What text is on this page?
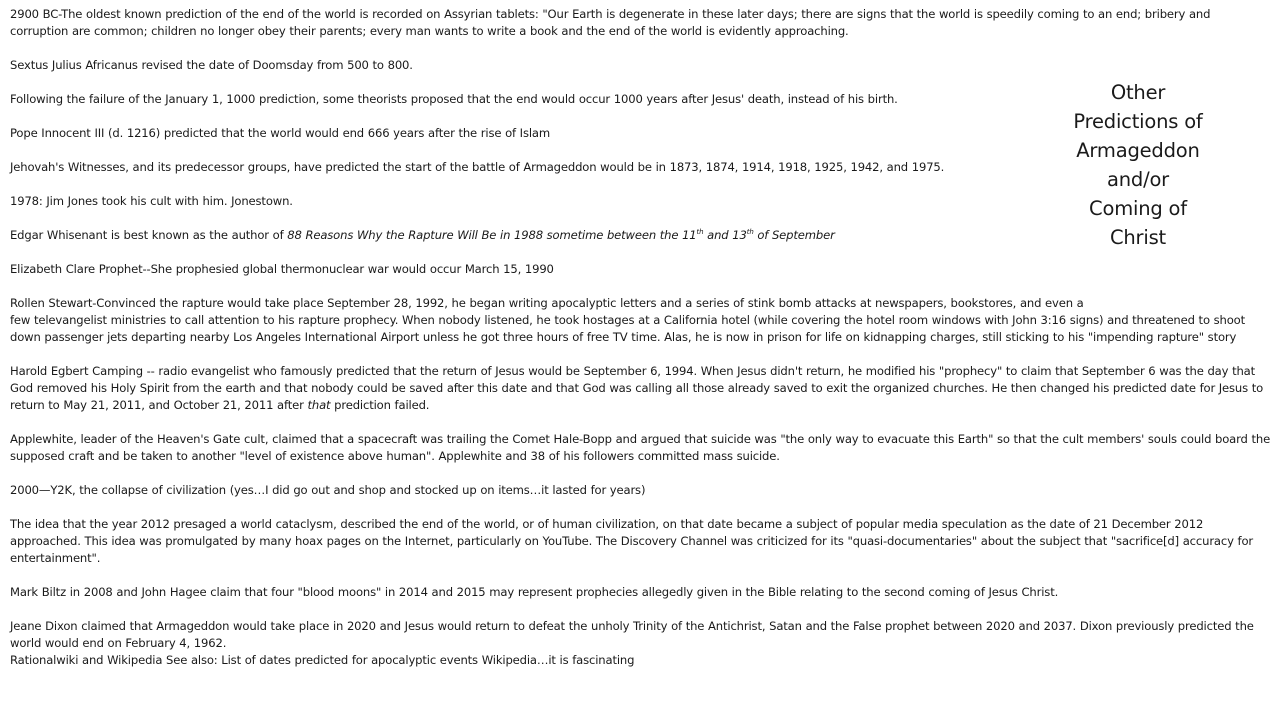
2900 BC-The oldest known prediction of the end of the world is recorded on Assyrian tablets: "Our Earth is degenerate in these later days; there are signs that the world is speedily coming to an end; bribery and corruption are common; children no longer obey their parents; every man wants to write a book and the end of the world is evidently approaching.

Sextus Julius Africanus revised the date of Doomsday from 500 to 800.

Following the failure of the January 1, 1000 prediction, some theorists proposed that the end would occur 1000 years after Jesus' death, instead of his birth.

Pope Innocent III (d. 1216) predicted that the world would end 666 years after the rise of Islam

Jehovah's Witnesses, and its predecessor groups, have predicted the start of the battle of Armageddon would be in 1873, 1874, 1914, 1918, 1925, 1942, and 1975.

1978: Jim Jones took his cult with him. Jonestown.

Edgar Whisenant is best known as the author of 88 Reasons Why the Rapture Will Be in 1988 sometime between the 11th and 13th of September

Elizabeth Clare Prophet--She prophesied global thermonuclear war would occur March 15, 1990

Rollen Stewart-Convinced the rapture would take place September 28, 1992, he began writing apocalyptic letters and a series of stink bomb attacks at newspapers, bookstores, and even a

few televangelist ministries to call attention to his rapture prophecy. When nobody listened, he took hostages at a California hotel (while covering the hotel room windows with John 3:16 signs) and threatened to shoot down passenger jets departing nearby Los Angeles International Airport unless he got three hours of free TV time. Alas, he is now in prison for life on kidnapping charges, still sticking to his "impending rapture" story

Harold Egbert Camping -- radio evangelist who famously predicted that the return of Jesus would be September 6, 1994. When Jesus didn't return, he modified his "prophecy" to claim that September 6 was the day that God removed his Holy Spirit from the earth and that nobody could be saved after this date and that God was calling all those already saved to exit the organized churches. He then changed his predicted date for Jesus to return to May 21, 2011, and October 21, 2011 after that prediction failed.

Applewhite, leader of the Heaven's Gate cult, claimed that a spacecraft was trailing the Comet Hale-Bopp and argued that suicide was "the only way to evacuate this Earth" so that the cult members' souls could board the supposed craft and be taken to another "level of existence above human". Applewhite and 38 of his followers committed mass suicide.

2000—Y2K, the collapse of civilization (yes…I did go out and shop and stocked up on items…it lasted for years)

The idea that the year 2012 presaged a world cataclysm, described the end of the world, or of human civilization, on that date became a subject of popular media speculation as the date of 21 December 2012 approached. This idea was promulgated by many hoax pages on the Internet, particularly on YouTube. The Discovery Channel was criticized for its "quasi-documentaries" about the subject that "sacrifice[d] accuracy for entertainment".

Mark Biltz in 2008 and John Hagee claim that four "blood moons" in 2014 and 2015 may represent prophecies allegedly given in the Bible relating to the second coming of Jesus Christ.

Jeane Dixon claimed that Armageddon would take place in 2020 and Jesus would return to defeat the unholy Trinity of the Antichrist, Satan and the False prophet between 2020 and 2037. Dixon previously predicted the world would end on February 4, 1962.

Rationalwiki and Wikipedia See also: List of dates predicted for apocalyptic events Wikipedia…it is fascinating

Other
Predictions of
Armageddon
and/or
Coming of
Christ
